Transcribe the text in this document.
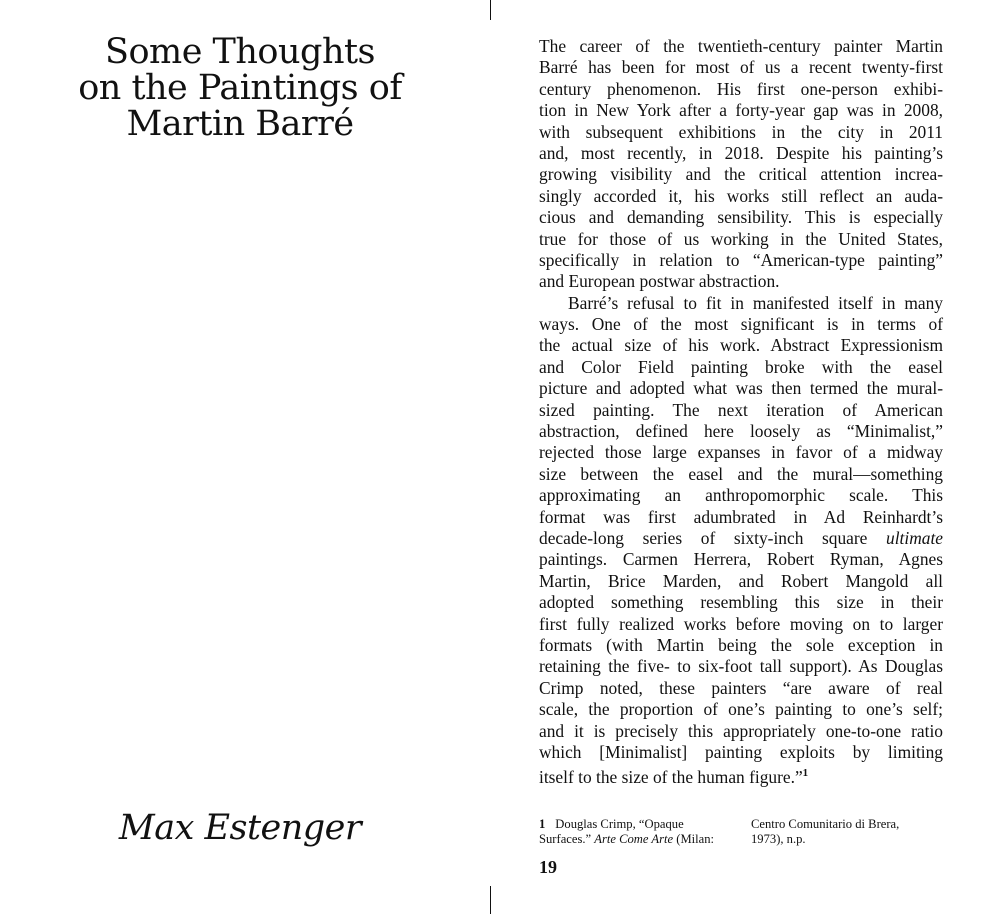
Some Thoughts
on the Paintings of
Martin Barré
Max Estenger
The career of the twentieth-century painter Martin
Barré has been for most of us a recent twenty-first
century phenomenon. His first one-person exhibi-
tion in New York after a forty-year gap was in 2008,
with subsequent exhibitions in the city in 2011
and, most recently, in 2018. Despite his painting’s
growing visibility and the critical attention increa-
singly accorded it, his works still reflect an auda-
cious and demanding sensibility. This is especially
true for those of us working in the United States,
specifically in relation to “American-type painting”
and European postwar abstraction.
Barré’s refusal to fit in manifested itself in many
ways. One of the most significant is in terms of
the actual size of his work. Abstract Expressionism
and Color Field painting broke with the easel
picture and adopted what was then termed the mural-
sized painting. The next iteration of American
abstraction, defined here loosely as “Minimalist,”
rejected those large expanses in favor of a midway
size between the easel and the mural—something
approximating an anthropomorphic scale. This
format was first adumbrated in Ad Reinhardt’s
decade-long series of sixty-inch square ultimate
paintings. Carmen Herrera, Robert Ryman, Agnes
Martin, Brice Marden, and Robert Mangold all
adopted something resembling this size in their
first fully realized works before moving on to larger
formats (with Martin being the sole exception in
retaining the five- to six-foot tall support). As Douglas
Crimp noted, these painters “are aware of real
scale, the proportion of one’s painting to one’s self;
and it is precisely this appropriately one-to-one ratio
which [Minimalist] painting exploits by limiting
itself to the size of the human figure.”$^1$
1 Douglas Crimp, “Opaque
Surfaces.” Arte Come Arte (Milan:
Centro Comunitario di Brera,
1973), n.p.
19
